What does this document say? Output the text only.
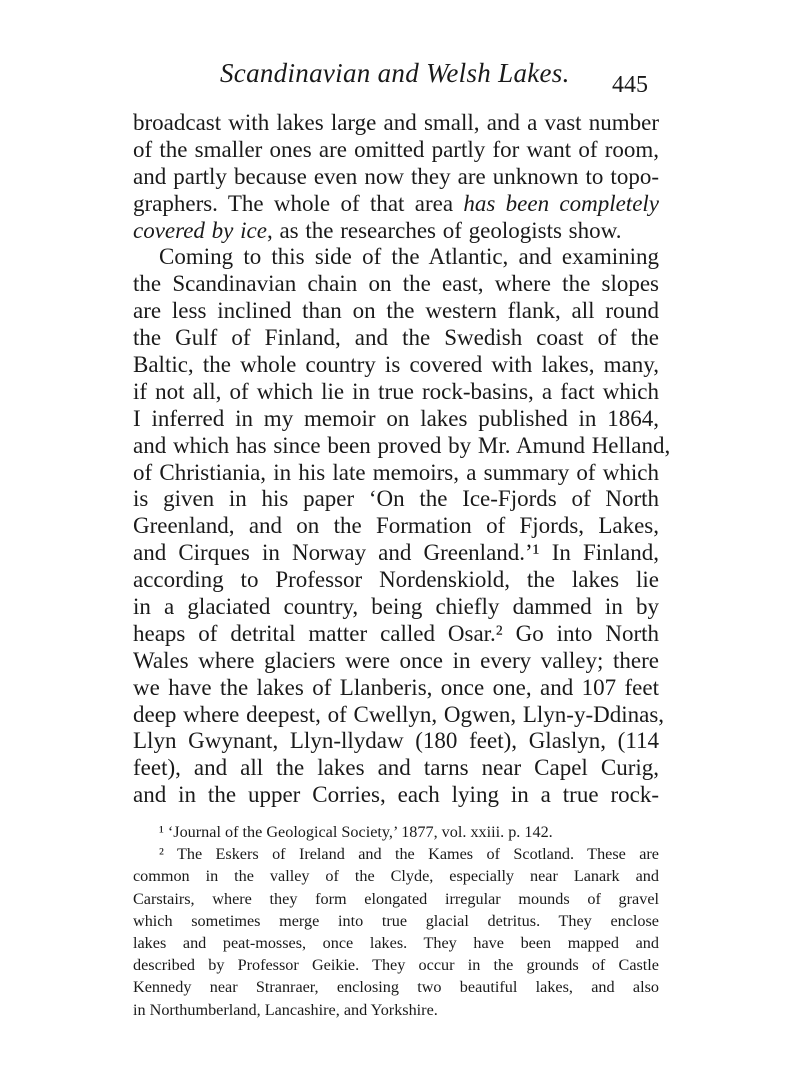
Scandinavian and Welsh Lakes. 445
broadcast with lakes large and small, and a vast number
of the smaller ones are omitted partly for want of room,
and partly because even now they are unknown to topo-
graphers. The whole of that area has been completely
covered by ice, as the researches of geologists show.
Coming to this side of the Atlantic, and examining
the Scandinavian chain on the east, where the slopes
are less inclined than on the western flank, all round
the Gulf of Finland, and the Swedish coast of the
Baltic, the whole country is covered with lakes, many,
if not all, of which lie in true rock-basins, a fact which
I inferred in my memoir on lakes published in 1864,
and which has since been proved by Mr. Amund Helland,
of Christiania, in his late memoirs, a summary of which
is given in his paper ‘On the Ice-Fjords of North
Greenland, and on the Formation of Fjords, Lakes,
and Cirques in Norway and Greenland.’¹ In Finland,
according to Professor Nordenskiold, the lakes lie
in a glaciated country, being chiefly dammed in by
heaps of detrital matter called Osar.² Go into North
Wales where glaciers were once in every valley; there
we have the lakes of Llanberis, once one, and 107 feet
deep where deepest, of Cwellyn, Ogwen, Llyn-y-Ddinas,
Llyn Gwynant, Llyn-llydaw (180 feet), Glaslyn, (114
feet), and all the lakes and tarns near Capel Curig,
and in the upper Corries, each lying in a true rock-
¹ ‘Journal of the Geological Society,’ 1877, vol. xxiii. p. 142.
² The Eskers of Ireland and the Kames of Scotland. These are
common in the valley of the Clyde, especially near Lanark and
Carstairs, where they form elongated irregular mounds of gravel
which sometimes merge into true glacial detritus. They enclose
lakes and peat-mosses, once lakes. They have been mapped and
described by Professor Geikie. They occur in the grounds of Castle
Kennedy near Stranraer, enclosing two beautiful lakes, and also
in Northumberland, Lancashire, and Yorkshire.
